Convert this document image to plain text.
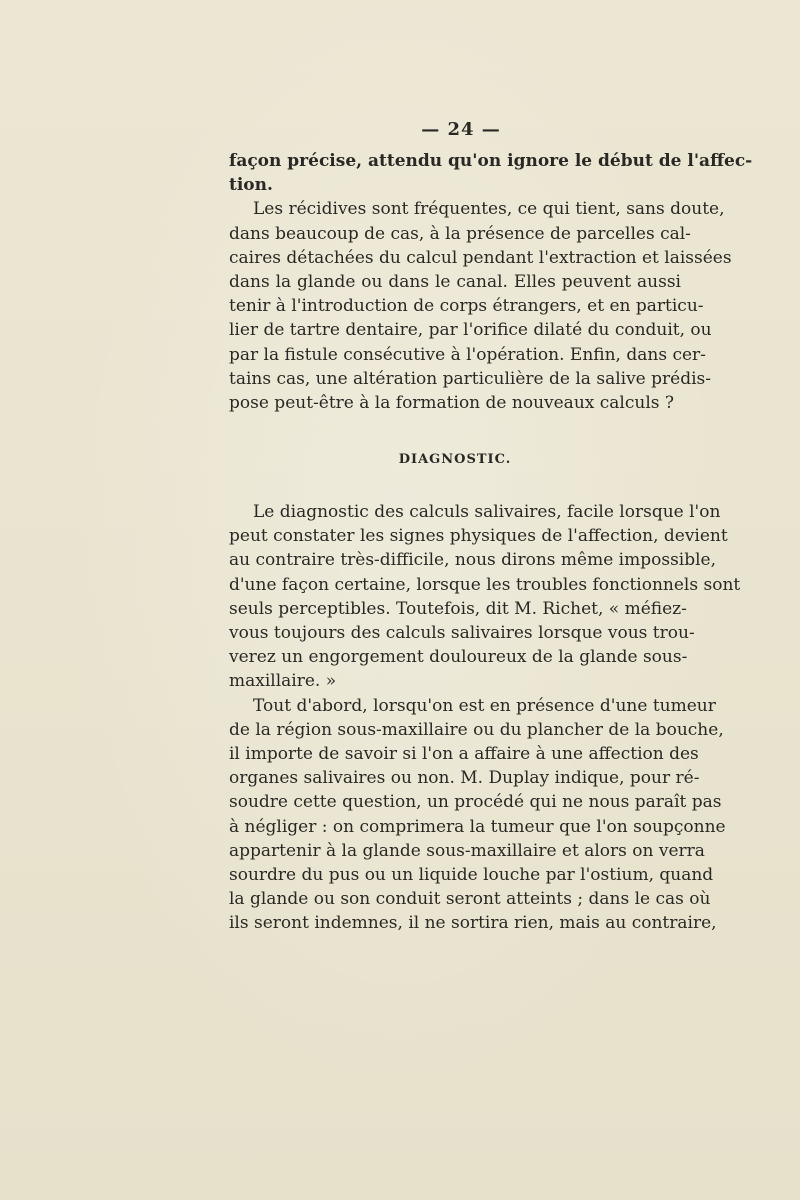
— 24 —
façon précise, attendu qu'on ignore le début de l'affec-
tion.
Les récidives sont fréquentes, ce qui tient, sans doute,
dans beaucoup de cas, à la présence de parcelles cal-
caires détachées du calcul pendant l'extraction et laissées
dans la glande ou dans le canal. Elles peuvent aussi
tenir à l'introduction de corps étrangers, et en particu-
lier de tartre dentaire, par l'orifice dilaté du conduit, ou
par la fistule consécutive à l'opération. Enfin, dans cer-
tains cas, une altération particulière de la salive prédis-
pose peut-être à la formation de nouveaux calculs ?
DIAGNOSTIC.
Le diagnostic des calculs salivaires, facile lorsque l'on
peut constater les signes physiques de l'affection, devient
au contraire très-difficile, nous dirons même impossible,
d'une façon certaine, lorsque les troubles fonctionnels sont
seuls perceptibles. Toutefois, dit M. Richet, « méfiez-
vous toujours des calculs salivaires lorsque vous trou-
verez un engorgement douloureux de la glande sous-
maxillaire. »
Tout d'abord, lorsqu'on est en présence d'une tumeur
de la région sous-maxillaire ou du plancher de la bouche,
il importe de savoir si l'on a affaire à une affection des
organes salivaires ou non. M. Duplay indique, pour ré-
soudre cette question, un procédé qui ne nous paraît pas
à négliger : on comprimera la tumeur que l'on soupçonne
appartenir à la glande sous-maxillaire et alors on verra
sourdre du pus ou un liquide louche par l'ostium, quand
la glande ou son conduit seront atteints ; dans le cas où
ils seront indemnes, il ne sortira rien, mais au contraire,
